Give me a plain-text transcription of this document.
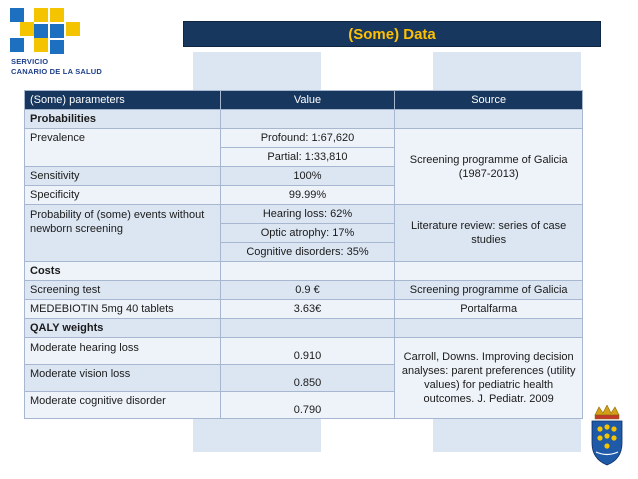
SERVICIO
CANARIO DE LA SALUD
(Some) Data
(Some) parameters	Value	Source
Probabilities		
Prevalence	Profound: 1:67,620	Screening programme of Galicia (1987-2013)
	Partial: 1:33,810	
Sensitivity	100%	
Specificity	99.99%	
Probability of (some) events without newborn screening	Hearing loss: 62%	Literature review: series of case studies
	Optic atrophy: 17%	
	Cognitive disorders: 35%	
Costs		
Screening test	0.9 €	Screening programme of Galicia
MEDEBIOTIN 5mg 40 tablets	3.63€	Portalfarma
QALY weights		
Moderate hearing loss	0.910	Carroll, Downs. Improving decision analyses: parent preferences (utility values) for pediatric health outcomes. J. Pediatr. 2009
Moderate vision loss	0.850	
Moderate cognitive disorder	0.790	
